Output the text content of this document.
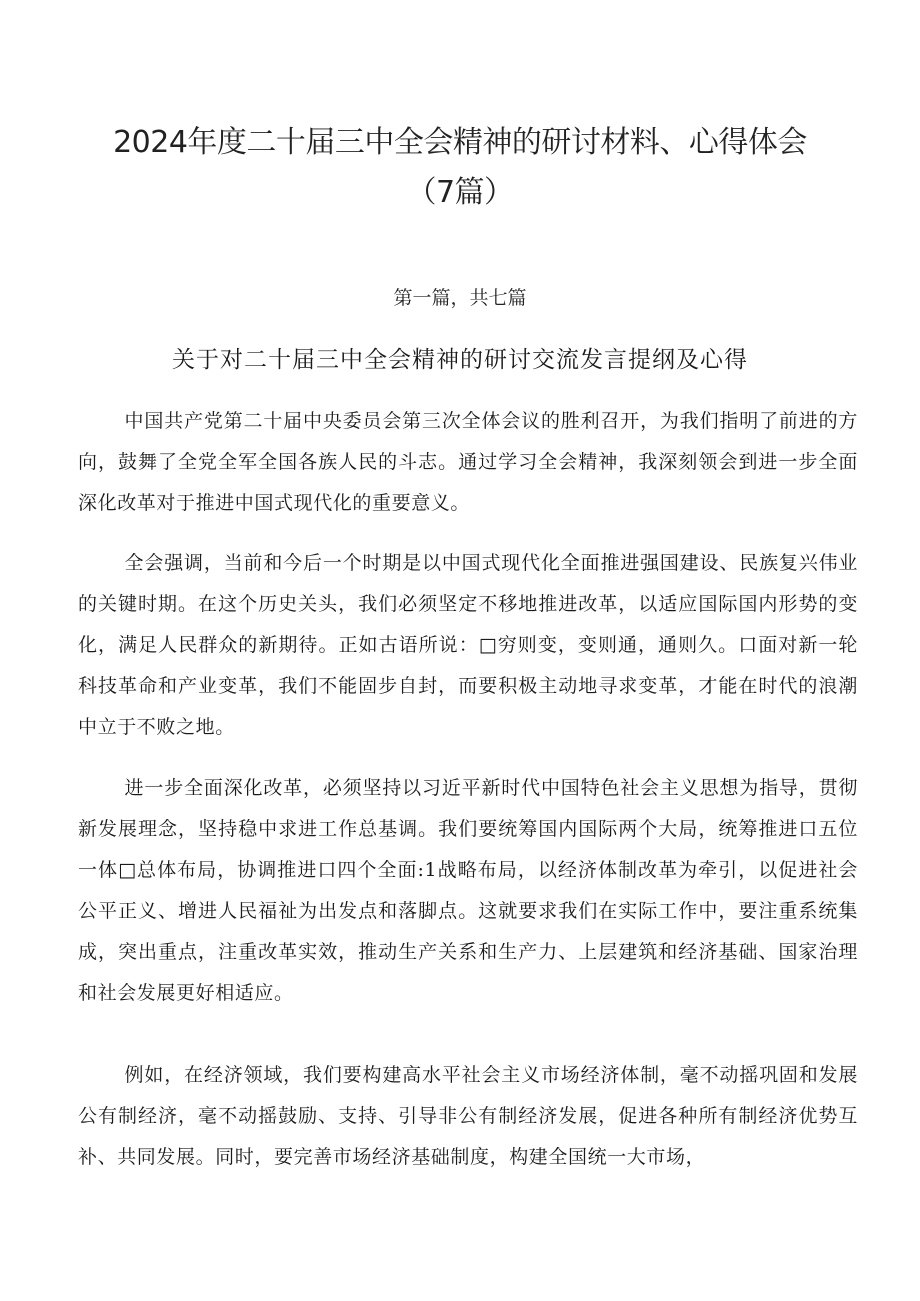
2024年度二十届三中全会精神的研讨材料、心得体会
（7篇）

第一篇，共七篇

关于对二十届三中全会精神的研讨交流发言提纲及心得

中国共产党第二十届中央委员会第三次全体会议的胜利召开，为我们指明了前进的方向，鼓舞了全党全军全国各族人民的斗志。通过学习全会精神，我深刻领会到进一步全面深化改革对于推进中国式现代化的重要意义。

全会强调，当前和今后一个时期是以中国式现代化全面推进强国建设、民族复兴伟业的关键时期。在这个历史关头，我们必须坚定不移地推进改革，以适应国际国内形势的变化，满足人民群众的新期待。正如古语所说：□穷则变，变则通，通则久。口面对新一轮科技革命和产业变革，我们不能固步自封，而要积极主动地寻求变革，才能在时代的浪潮中立于不败之地。

进一步全面深化改革，必须坚持以习近平新时代中国特色社会主义思想为指导，贯彻新发展理念，坚持稳中求进工作总基调。我们要统筹国内国际两个大局，统筹推进口五位一体□总体布局，协调推进口四个全面:1战略布局，以经济体制改革为牵引，以促进社会公平正义、增进人民福祉为出发点和落脚点。这就要求我们在实际工作中，要注重系统集成，突出重点，注重改革实效，推动生产关系和生产力、上层建筑和经济基础、国家治理和社会发展更好相适应。

例如，在经济领域，我们要构建高水平社会主义市场经济体制，毫不动摇巩固和发展公有制经济，毫不动摇鼓励、支持、引导非公有制经济发展，促进各种所有制经济优势互补、共同发展。同时，要完善市场经济基础制度，构建全国统一大市场，
